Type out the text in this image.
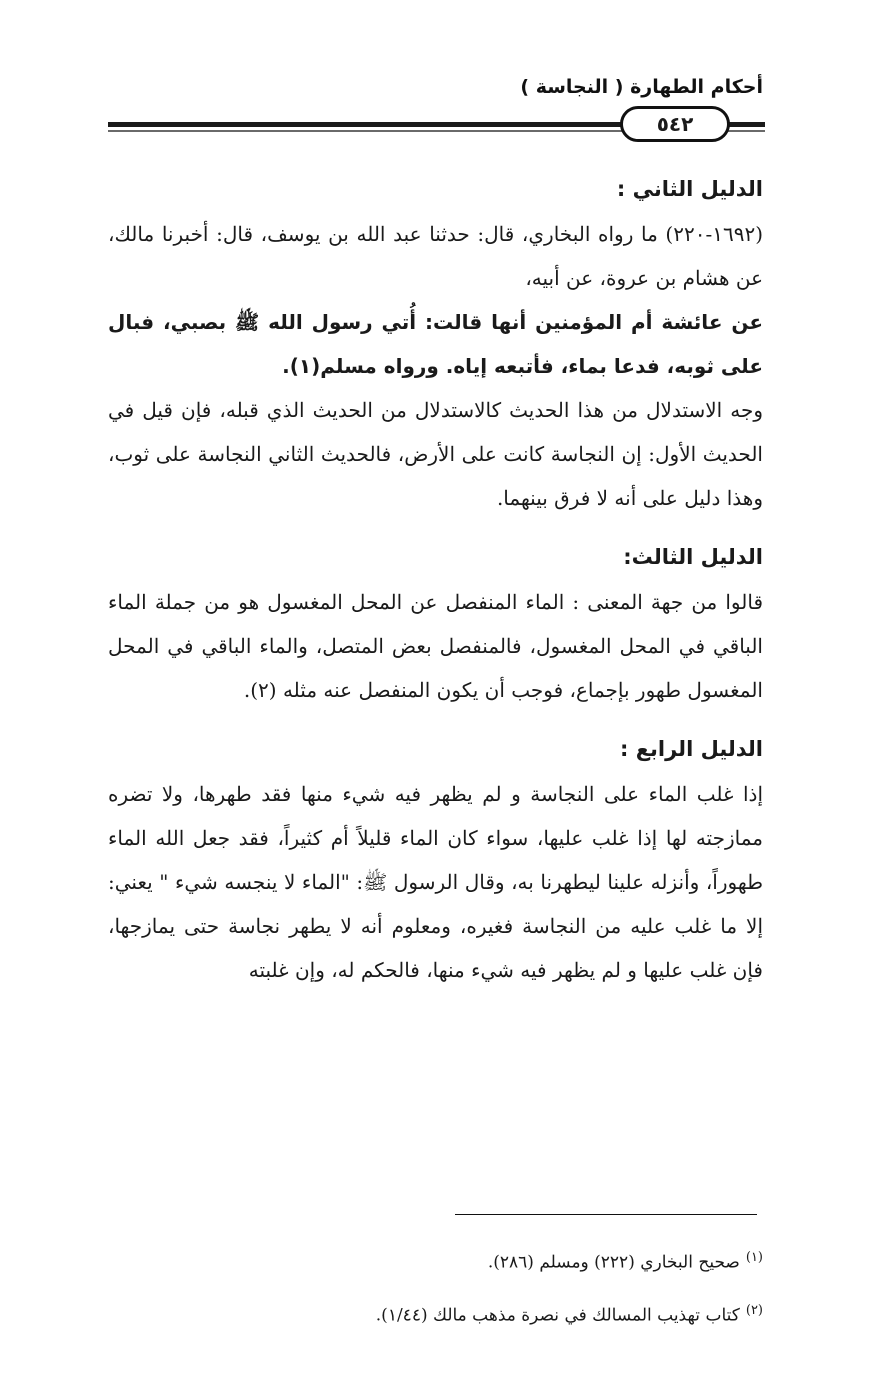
أحكام الطهارة ( النجاسة )
٥٤٢
الدليل الثاني :

(١٦٩٢-٢٢٠) ما رواه البخاري، قال: حدثنا عبد الله بن يوسف، قال: أخبرنا مالك، عن هشام بن عروة، عن أبيه،

عن عائشة أم المؤمنين أنها قالت: أُتي رسول الله ﷺ بصبي، فبال على ثوبه، فدعا بماء، فأتبعه إياه. ورواه مسلم(١).

وجه الاستدلال من هذا الحديث كالاستدلال من الحديث الذي قبله، فإن قيل في الحديث الأول: إن النجاسة كانت على الأرض، فالحديث الثاني النجاسة على ثوب، وهذا دليل على أنه لا فرق بينهما.

الدليل الثالث:

قالوا من جهة المعنى : الماء المنفصل عن المحل المغسول هو من جملة الماء الباقي في المحل المغسول، فالمنفصل بعض المتصل، والماء الباقي في المحل المغسول طهور بإجماع، فوجب أن يكون المنفصل عنه مثله (٢).

الدليل الرابع :

إذا غلب الماء على النجاسة و لم يظهر فيه شيء منها فقد طهرها، ولا تضره ممازجته لها إذا غلب عليها، سواء كان الماء قليلاً أم كثيراً، فقد جعل الله الماء طهوراً، وأنزله علينا ليطهرنا به، وقال الرسول ﷺ: "الماء لا ينجسه شيء " يعني: إلا ما غلب عليه من النجاسة فغيره، ومعلوم أنه لا يطهر نجاسة حتى يمازجها، فإن غلب عليها و لم يظهر فيه شيء منها، فالحكم له، وإن غلبته

$^{(١)}$صحيح البخاري (٢٢٢) ومسلم (٢٨٦).

$^{(٢)}$كتاب تهذيب المسالك في نصرة مذهب مالك (١/٤٤).
